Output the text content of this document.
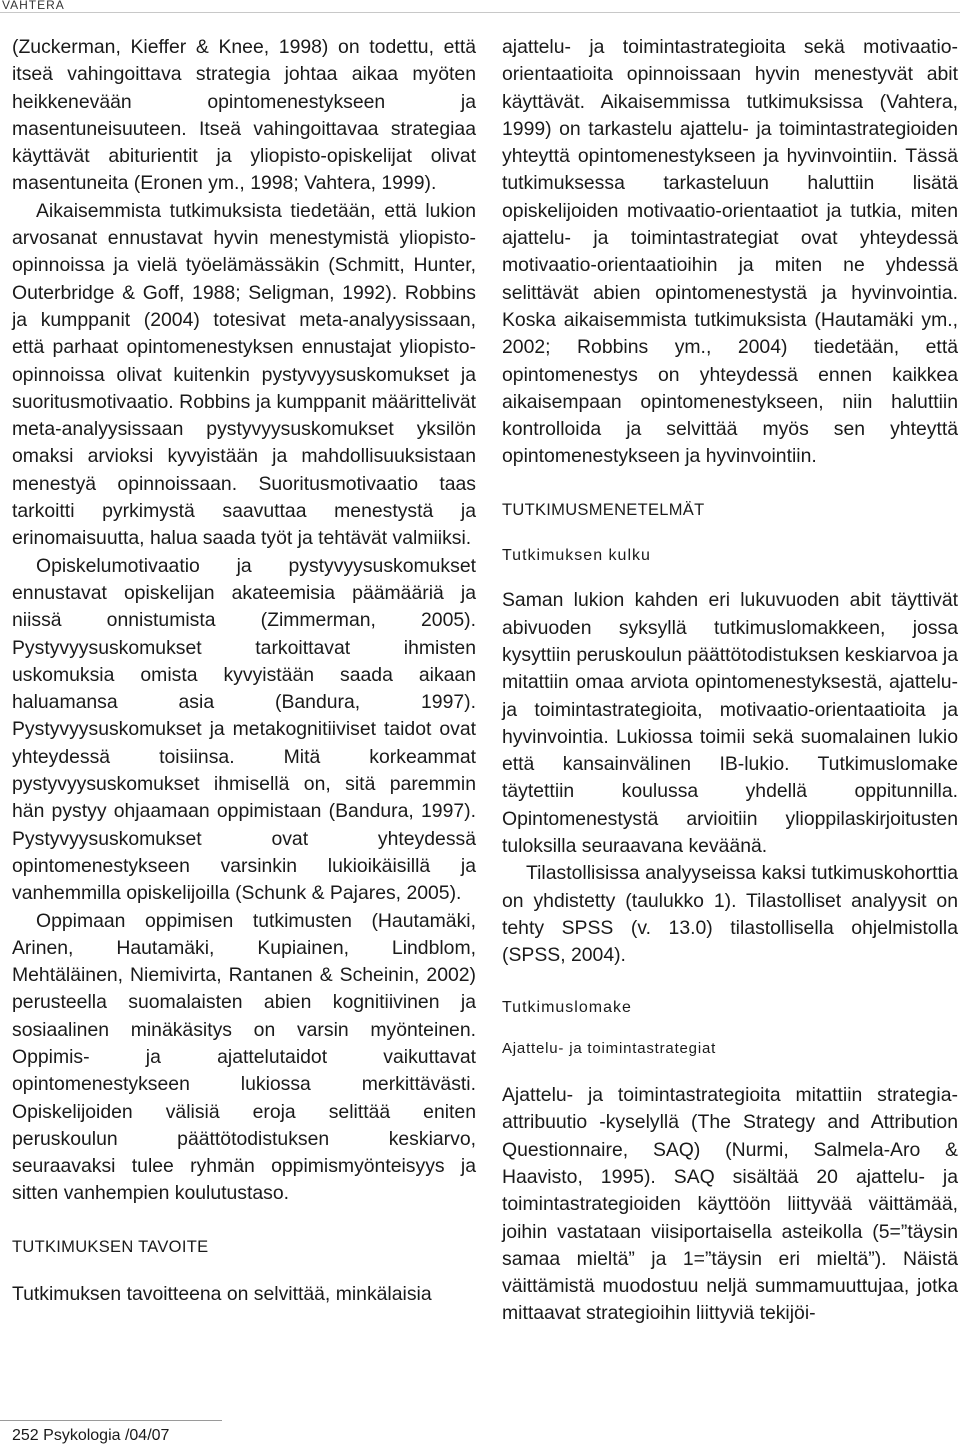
VAHTERA

(Zuckerman, Kieffer & Knee, 1998) on todettu, että itseä vahingoittava strategia johtaa aikaa myöten heikkenevään opintomenestykseen ja masentuneisuuteen. Itseä vahingoittavaa strategiaa käyttävät abiturientit ja yliopisto-opiskelijat olivat masentuneita (Eronen ym., 1998; Vahtera, 1999).

Aikaisemmista tutkimuksista tiedetään, että lukion arvosanat ennustavat hyvin menestymistä yliopisto-opinnoissa ja vielä työelämässäkin (Schmitt, Hunter, Outerbridge & Goff, 1988; Seligman, 1992). Robbins ja kumppanit (2004) totesivat meta-analyysissaan, että parhaat opintomenestyksen ennustajat yliopisto-opinnoissa olivat kuitenkin pystyvyysuskomukset ja suoritusmotivaatio. Robbins ja kumppanit määrittelivät meta-analyysissaan pystyvyysuskomukset yksilön omaksi arvioksi kyvyistään ja mahdollisuuksistaan menestyä opinnoissaan. Suoritusmotivaatio taas tarkoitti pyrkimystä saavuttaa menestystä ja erinomaisuutta, halua saada työt ja tehtävät valmiiksi.

Opiskelumotivaatio ja pystyvyysuskomukset ennustavat opiskelijan akateemisia päämääriä ja niissä onnistumista (Zimmerman, 2005). Pystyvyysuskomukset tarkoittavat ihmisten uskomuksia omista kyvyistään saada aikaan haluamansa asia (Bandura, 1997). Pystyvyysuskomukset ja metakognitiiviset taidot ovat yhteydessä toisiinsa. Mitä korkeammat pystyvyysuskomukset ihmisellä on, sitä paremmin hän pystyy ohjaamaan oppimistaan (Bandura, 1997). Pystyvyysuskomukset ovat yhteydessä opintomenestykseen varsinkin lukioikäisillä ja vanhemmilla opiskelijoilla (Schunk & Pajares, 2005).

Oppimaan oppimisen tutkimusten (Hautamäki, Arinen, Hautamäki, Kupiainen, Lindblom, Mehtäläinen, Niemivirta, Rantanen & Scheinin, 2002) perusteella suomalaisten abien kognitiivinen ja sosiaalinen minäkäsitys on varsin myönteinen. Oppimis- ja ajattelutaidot vaikuttavat opintomenestykseen lukiossa merkittävästi. Opiskelijoiden välisiä eroja selittää eniten peruskoulun päättötodistuksen keskiarvo, seuraavaksi tulee ryhmän oppimismyönteisyys ja sitten vanhempien koulutustaso.

TUTKIMUKSEN TAVOITE

Tutkimuksen tavoitteena on selvittää, minkälaisia

ajattelu- ja toimintastrategioita sekä motivaatio-orientaatioita opinnoissaan hyvin menestyvät abit käyttävät. Aikaisemmissa tutkimuksissa (Vahtera, 1999) on tarkastelu ajattelu- ja toimintastrategioiden yhteyttä opintomenestykseen ja hyvinvointiin. Tässä tutkimuksessa tarkasteluun haluttiin lisätä opiskelijoiden motivaatio-orientaatiot ja tutkia, miten ajattelu- ja toimintastrategiat ovat yhteydessä motivaatio-orientaatioihin ja miten ne yhdessä selittävät abien opintomenestystä ja hyvinvointia. Koska aikaisemmista tutkimuksista (Hautamäki ym., 2002; Robbins ym., 2004) tiedetään, että opintomenestys on yhteydessä ennen kaikkea aikaisempaan opintomenestykseen, niin haluttiin kontrolloida ja selvittää myös sen yhteyttä opintomenestykseen ja hyvinvointiin.

TUTKIMUSMENETELMÄT

Tutkimuksen kulku

Saman lukion kahden eri lukuvuoden abit täyttivät abivuoden syksyllä tutkimuslomakkeen, jossa kysyttiin peruskoulun päättötodistuksen keskiarvoa ja mitattiin omaa arviota opintomenestyksestä, ajattelu- ja toimintastrategioita, motivaatio-orientaatioita ja hyvinvointia. Lukiossa toimii sekä suomalainen lukio että kansainvälinen IB-lukio. Tutkimuslomake täytettiin koulussa yhdellä oppitunnilla. Opintomenestystä arvioitiin ylioppilaskirjoitusten tuloksilla seuraavana keväänä.

Tilastollisissa analyyseissa kaksi tutkimuskohorttia on yhdistetty (taulukko 1). Tilastolliset analyysit on tehty SPSS (v. 13.0) tilastollisella ohjelmistolla (SPSS, 2004).

Tutkimuslomake

Ajattelu- ja toimintastrategiat

Ajattelu- ja toimintastrategioita mitattiin strategia-attribuutio -kyselyllä (The Strategy and Attribution Questionnaire, SAQ) (Nurmi, Salmela-Aro & Haavisto, 1995). SAQ sisältää 20 ajattelu- ja toimintastrategioiden käyttöön liittyvää väittämää, joihin vastataan viisiportaisella asteikolla (5=”täysin samaa mieltä” ja 1=”täysin eri mieltä”). Näistä väittämistä muodostuu neljä summamuuttujaa, jotka mittaavat strategioihin liittyviä tekijöi-

252 Psykologia /04/07
